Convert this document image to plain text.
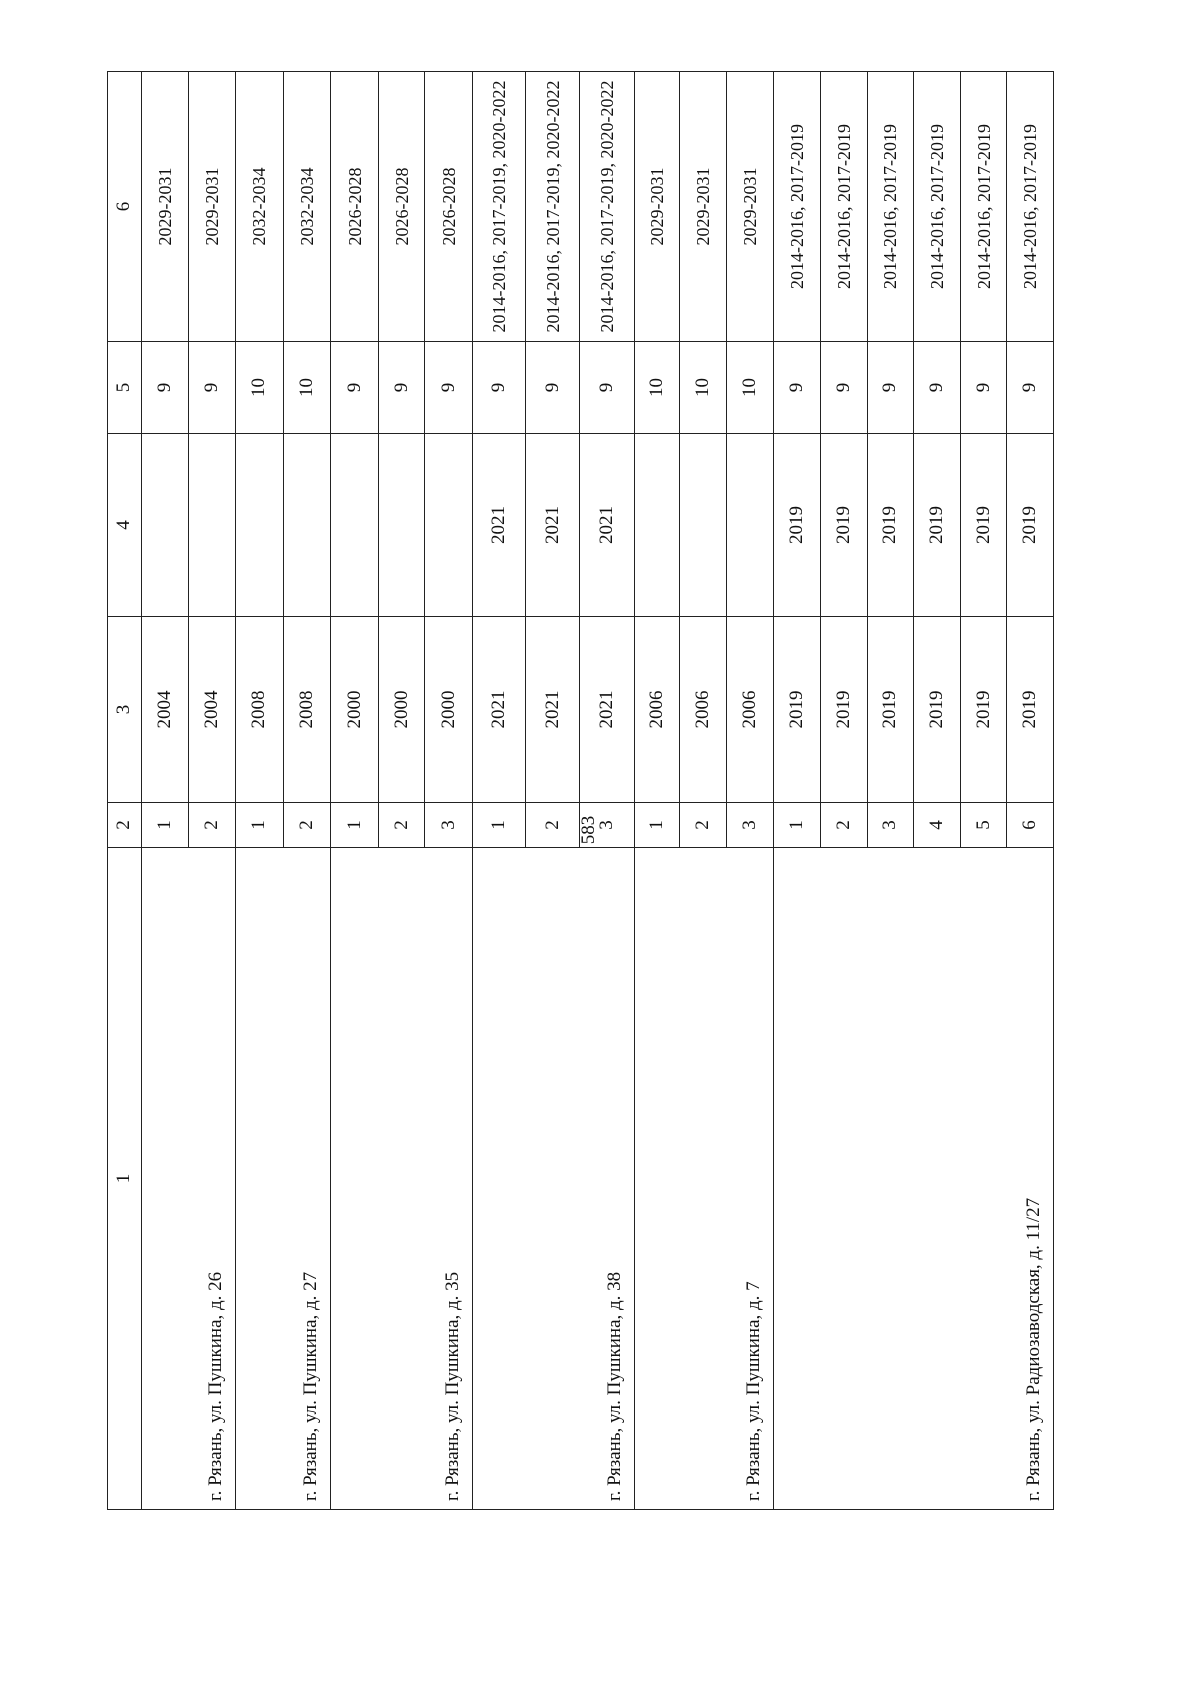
583
1	2	3	4	5	6
г. Рязань, ул. Пушкина, д. 26	1	2004		9	2029-2031
	2	2004		9	2029-2031
г. Рязань, ул. Пушкина, д. 27	1	2008		10	2032-2034
	2	2008		10	2032-2034
г. Рязань, ул. Пушкина, д. 35	1	2000		9	2026-2028
	2	2000		9	2026-2028
	3	2000		9	2026-2028
г. Рязань, ул. Пушкина, д. 38	1	2021	2021	9	2014-2016, 2017-2019, 2020-2022
	2	2021	2021	9	2014-2016, 2017-2019, 2020-2022
	3	2021	2021	9	2014-2016, 2017-2019, 2020-2022
г. Рязань, ул. Пушкина, д. 7	1	2006		10	2029-2031
	2	2006		10	2029-2031
	3	2006		10	2029-2031
г. Рязань, ул. Радиозаводская, д. 11/27	1	2019	2019	9	2014-2016, 2017-2019
	2	2019	2019	9	2014-2016, 2017-2019
	3	2019	2019	9	2014-2016, 2017-2019
	4	2019	2019	9	2014-2016, 2017-2019
	5	2019	2019	9	2014-2016, 2017-2019
	6	2019	2019	9	2014-2016, 2017-2019
